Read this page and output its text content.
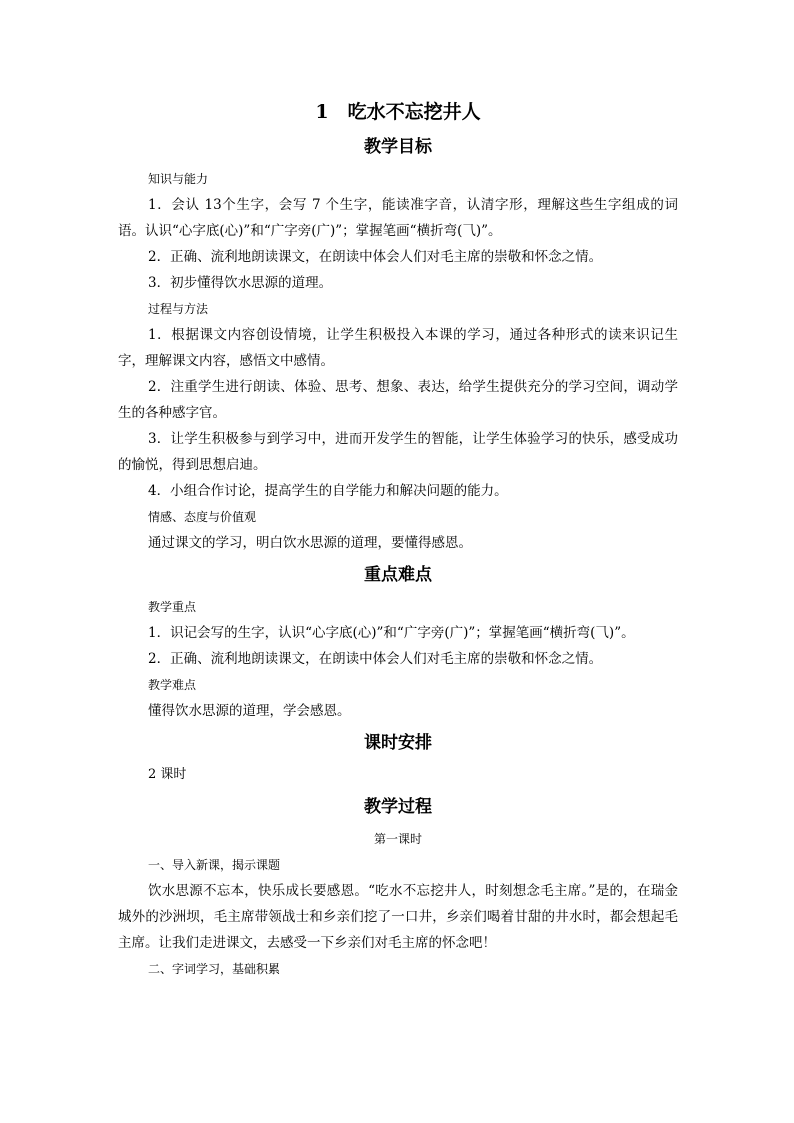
1　吃水不忘挖井人
教学目标
知识与能力

1．会认 13个生字，会写 7 个生字，能读准字音，认清字形，理解这些生字组成的词语。认识“心字底(心)”和“广字旁(广)”；掌握笔画“横折弯(⺄)”。

2．正确、流利地朗读课文，在朗读中体会人们对毛主席的崇敬和怀念之情。

3．初步懂得饮水思源的道理。

过程与方法

1．根据课文内容创设情境，让学生积极投入本课的学习，通过各种形式的读来识记生字，理解课文内容，感悟文中感情。

2．注重学生进行朗读、体验、思考、想象、表达，给学生提供充分的学习空间，调动学生的各种感字官。

3．让学生积极参与到学习中，进而开发学生的智能，让学生体验学习的快乐，感受成功的愉悦，得到思想启迪。

4．小组合作讨论，提高学生的自学能力和解决问题的能力。

情感、态度与价值观

通过课文的学习，明白饮水思源的道理，要懂得感恩。

重点难点
教学重点

1．识记会写的生字，认识“心字底(心)”和“广字旁(广)”；掌握笔画“横折弯(⺄)”。

2．正确、流利地朗读课文，在朗读中体会人们对毛主席的崇敬和怀念之情。

教学难点

懂得饮水思源的道理，学会感恩。

课时安排
2 课时
教学过程
第一课时
一、导入新课，揭示课题

饮水思源不忘本，快乐成长要感恩。“吃水不忘挖井人，时刻想念毛主席。”是的，在瑞金城外的沙洲坝，毛主席带领战士和乡亲们挖了一口井，乡亲们喝着甘甜的井水时，都会想起毛主席。让我们走进课文，去感受一下乡亲们对毛主席的怀念吧！

二、字词学习，基础积累
